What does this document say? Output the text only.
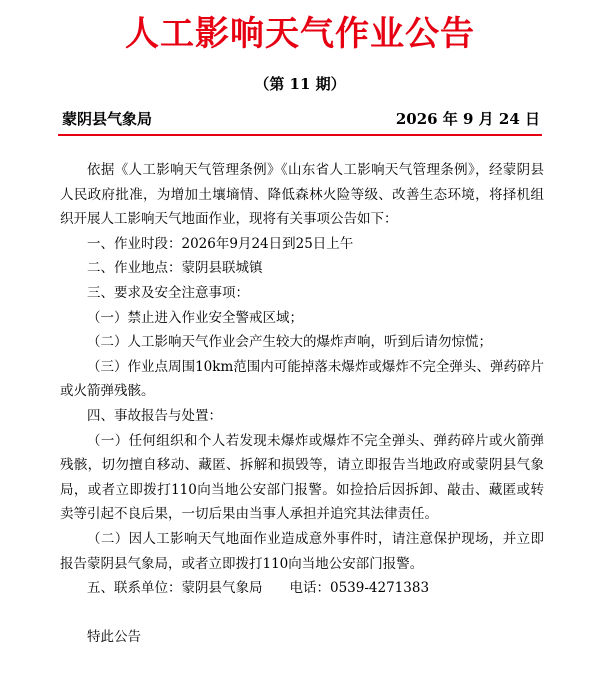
人工影响天气作业公告
（第 11 期）
蒙阴县气象局	2026 年 9 月 24 日

依据《人工影响天气管理条例》《山东省人工影响天气管理条例》，经蒙阴县人民政府批准，为增加土壤墒情、降低森林火险等级、改善生态环境，将择机组织开展人工影响天气地面作业，现将有关事项公告如下：

一、作业时段：2026年9月24日到25日上午

二、作业地点：蒙阴县联城镇

三、要求及安全注意事项：

（一）禁止进入作业安全警戒区域；

（二）人工影响天气作业会产生较大的爆炸声响，听到后请勿惊慌；

（三）作业点周围10km范围内可能掉落未爆炸或爆炸不完全弹头、弹药碎片或火箭弹残骸。

四、事故报告与处置：

（一）任何组织和个人若发现未爆炸或爆炸不完全弹头、弹药碎片或火箭弹残骸，切勿擅自移动、藏匿、拆解和损毁等，请立即报告当地政府或蒙阴县气象局，或者立即拨打110向当地公安部门报警。如捡拾后因拆卸、敲击、藏匿或转卖等引起不良后果，一切后果由当事人承担并追究其法律责任。

（二）因人工影响天气地面作业造成意外事件时，请注意保护现场，并立即报告蒙阴县气象局，或者立即拨打110向当地公安部门报警。

五、联系单位：蒙阴县气象局　　电话：0539-4271383

特此公告
